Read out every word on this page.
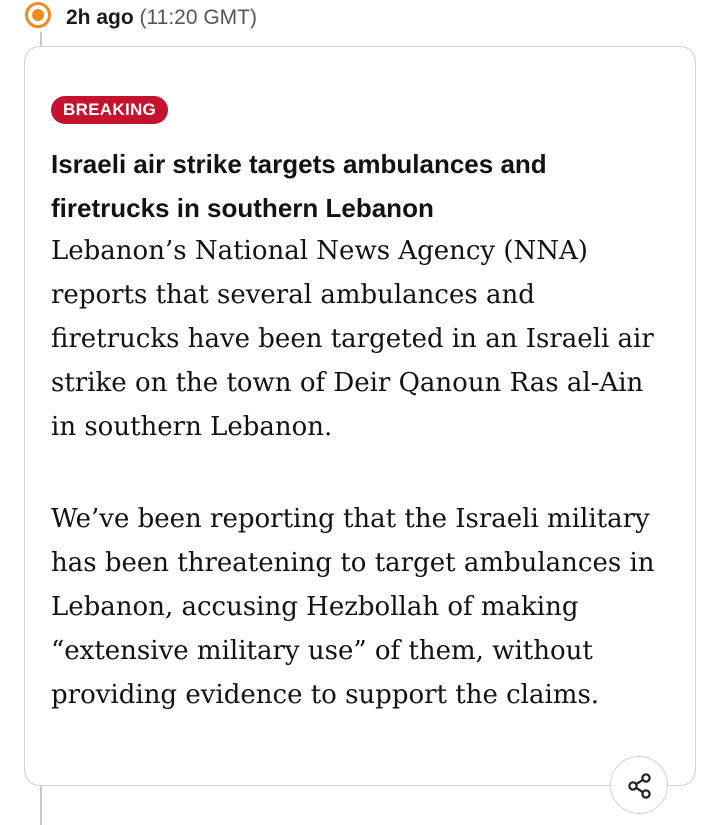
2h ago (11:20 GMT)
BREAKING
Israeli air strike targets ambulances and firetrucks in southern Lebanon

Lebanon’s National News Agency (NNA) reports that several ambulances and firetrucks have been targeted in an Israeli air strike on the town of Deir Qanoun Ras al-Ain in southern Lebanon.

We’ve been reporting that the Israeli military has been threatening to target ambulances in Lebanon, accusing Hezbollah of making “extensive military use” of them, without providing evidence to support the claims.
